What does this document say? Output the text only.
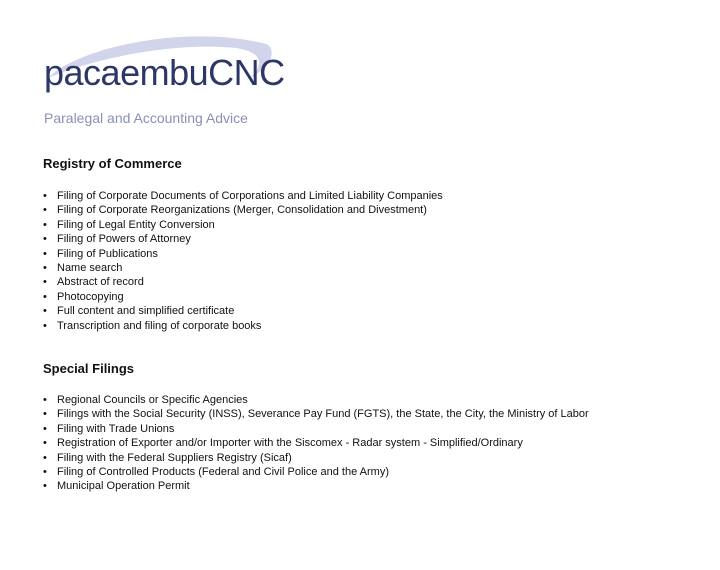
pacaembuCNC
Paralegal and Accounting Advice
Registry of Commerce
• Filing of Corporate Documents of Corporations and Limited Liability Companies
• Filing of Corporate Reorganizations (Merger, Consolidation and Divestment)
• Filing of Legal Entity Conversion
• Filing of Powers of Attorney
• Filing of Publications
• Name search
• Abstract of record
• Photocopying
• Full content and simplified certificate
• Transcription and filing of corporate books
Special Filings
• Regional Councils or Specific Agencies
• Filings with the Social Security (INSS), Severance Pay Fund (FGTS), the State, the City, the Ministry of Labor
• Filing with Trade Unions
• Registration of Exporter and/or Importer with the Siscomex - Radar system - Simplified/Ordinary
• Filing with the Federal Suppliers Registry (Sicaf)
• Filing of Controlled Products (Federal and Civil Police and the Army)
• Municipal Operation Permit
